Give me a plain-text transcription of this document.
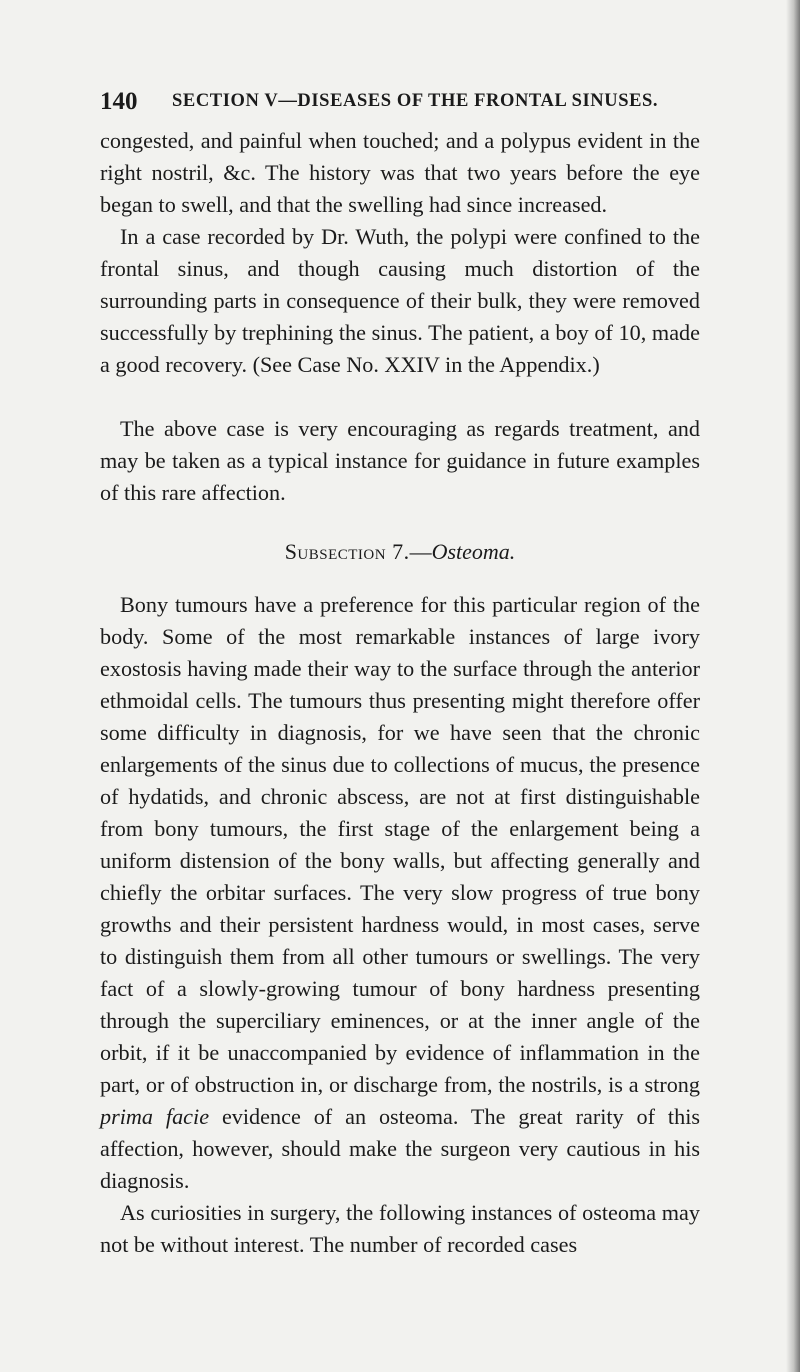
140 SECTION V—DISEASES OF THE FRONTAL SINUSES.

congested, and painful when touched; and a polypus evident in the right nostril, &c. The history was that two years before the eye began to swell, and that the swelling had since increased.

In a case recorded by Dr. Wuth, the polypi were confined to the frontal sinus, and though causing much distortion of the surrounding parts in consequence of their bulk, they were removed successfully by trephining the sinus. The patient, a boy of 10, made a good recovery. (See Case No. XXIV in the Appendix.)

The above case is very encouraging as regards treatment, and may be taken as a typical instance for guidance in future examples of this rare affection.

Subsection 7.—Osteoma.

Bony tumours have a preference for this particular region of the body. Some of the most remarkable instances of large ivory exostosis having made their way to the surface through the anterior ethmoidal cells. The tumours thus presenting might therefore offer some difficulty in diagnosis, for we have seen that the chronic enlargements of the sinus due to collections of mucus, the presence of hydatids, and chronic abscess, are not at first distinguishable from bony tumours, the first stage of the enlargement being a uniform distension of the bony walls, but affecting generally and chiefly the orbitar surfaces. The very slow progress of true bony growths and their persistent hardness would, in most cases, serve to distinguish them from all other tumours or swellings. The very fact of a slowly-growing tumour of bony hardness presenting through the superciliary eminences, or at the inner angle of the orbit, if it be unaccompanied by evidence of inflammation in the part, or of obstruction in, or discharge from, the nostrils, is a strong prima facie evidence of an osteoma. The great rarity of this affection, however, should make the surgeon very cautious in his diagnosis.

As curiosities in surgery, the following instances of osteoma may not be without interest. The number of recorded cases
